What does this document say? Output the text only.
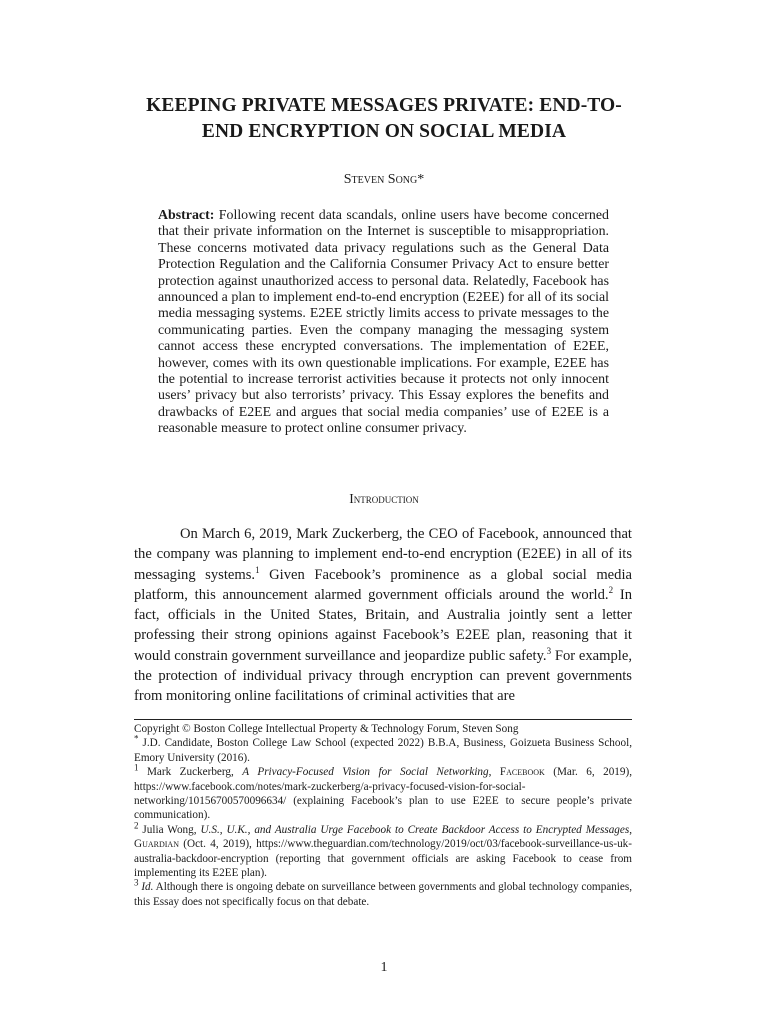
KEEPING PRIVATE MESSAGES PRIVATE: END-TO-END ENCRYPTION ON SOCIAL MEDIA

Steven Song*

Abstract: Following recent data scandals, online users have become concerned that their private information on the Internet is susceptible to misappropriation. These concerns motivated data privacy regulations such as the General Data Protection Regulation and the California Consumer Privacy Act to ensure better protection against unauthorized access to personal data. Relatedly, Facebook has announced a plan to implement end-to-end encryption (E2EE) for all of its social media messaging systems. E2EE strictly limits access to private messages to the communicating parties. Even the company managing the messaging system cannot access these encrypted conversations. The implementation of E2EE, however, comes with its own questionable implications. For example, E2EE has the potential to increase terrorist activities because it protects not only innocent users’ privacy but also terrorists’ privacy. This Essay explores the benefits and drawbacks of E2EE and argues that social media companies’ use of E2EE is a reasonable measure to protect online consumer privacy.

Introduction

On March 6, 2019, Mark Zuckerberg, the CEO of Facebook, announced that the company was planning to implement end-to-end encryption (E2EE) in all of its messaging systems.$^1$ Given Facebook’s prominence as a global social media platform, this announcement alarmed government officials around the world.$^2$ In fact, officials in the United States, Britain, and Australia jointly sent a letter professing their strong opinions against Facebook’s E2EE plan, reasoning that it would constrain government surveillance and jeopardize public safety.$^3$ For example, the protection of individual privacy through encryption can prevent governments from monitoring online facilitations of criminal activities that are

Copyright © Boston College Intellectual Property & Technology Forum, Steven Song

* J.D. Candidate, Boston College Law School (expected 2022) B.B.A, Business, Goizueta Business School, Emory University (2016).

$^1$ Mark Zuckerberg, A Privacy-Focused Vision for Social Networking, Facebook (Mar. 6, 2019), https://www.facebook.com/notes/mark-zuckerberg/a-privacy-focused-vision-for-social-networking/10156700570096634/ (explaining Facebook’s plan to use E2EE to secure people’s private communication).

$^2$ Julia Wong, U.S., U.K., and Australia Urge Facebook to Create Backdoor Access to Encrypted Messages, Guardian (Oct. 4, 2019), https://www.theguardian.com/technology/2019/oct/03/facebook-surveillance-us-uk-australia-backdoor-encryption (reporting that government officials are asking Facebook to cease from implementing its E2EE plan).

$^3$ Id. Although there is ongoing debate on surveillance between governments and global technology companies, this Essay does not specifically focus on that debate.

1
